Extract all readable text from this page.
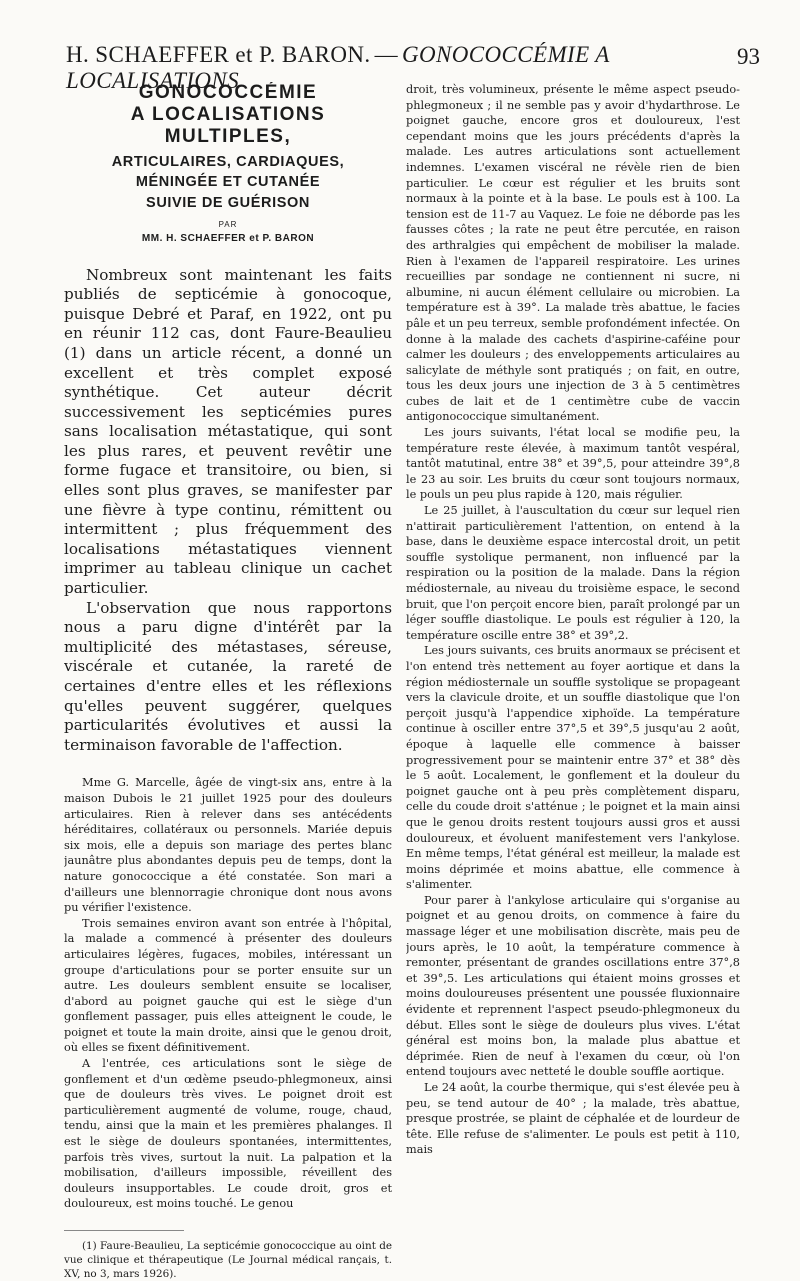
H. SCHAEFFER et P. BARON. — GONOCOCCÉMIE A LOCALISATIONS
93

GONOCOCCÉMIE

A LOCALISATIONS

MULTIPLES,

ARTICULAIRES, CARDIAQUES,

MÉNINGÉE ET CUTANÉE

SUIVIE DE GUÉRISON

PAR

MM. H. SCHAEFFER et P. BARON

Nombreux sont maintenant les faits publiés de septicémie à gonocoque, puisque Debré et Paraf, en 1922, ont pu en réunir 112 cas, dont Faure-Beaulieu (1) dans un article récent, a donné un excellent et très complet exposé synthétique. Cet auteur décrit successivement les septicémies pures sans localisation métastatique, qui sont les plus rares, et peuvent revêtir une forme fugace et transitoire, ou bien, si elles sont plus graves, se manifester par une fièvre à type continu, rémittent ou intermittent ; plus fréquemment des localisations métastatiques viennent imprimer au tableau clinique un cachet particulier.

L'observation que nous rapportons nous a paru digne d'intérêt par la multiplicité des métastases, séreuse, viscérale et cutanée, la rareté de certaines d'entre elles et les réflexions qu'elles peuvent suggérer, quelques particularités évolutives et aussi la terminaison favorable de l'affection.

Mme G. Marcelle, âgée de vingt-six ans, entre à la maison Dubois le 21 juillet 1925 pour des douleurs articulaires. Rien à relever dans ses antécédents héréditaires, collatéraux ou personnels. Mariée depuis six mois, elle a depuis son mariage des pertes blanc jaunâtre plus abondantes depuis peu de temps, dont la nature gonococcique a été constatée. Son mari a d'ailleurs une blennorragie chronique dont nous avons pu vérifier l'existence.

Trois semaines environ avant son entrée à l'hôpital, la malade a commencé à présenter des douleurs articulaires légères, fugaces, mobiles, intéressant un groupe d'articulations pour se porter ensuite sur un autre. Les douleurs semblent ensuite se localiser, d'abord au poignet gauche qui est le siège d'un gonflement passager, puis elles atteignent le coude, le poignet et toute la main droite, ainsi que le genou droit, où elles se fixent définitivement.

A l'entrée, ces articulations sont le siège de gonflement et d'un œdème pseudo-phlegmoneux, ainsi que de douleurs très vives. Le poignet droit est particulièrement augmenté de volume, rouge, chaud, tendu, ainsi que la main et les premières phalanges. Il est le siège de douleurs spontanées, intermittentes, parfois très vives, surtout la nuit. La palpation et la mobilisation, d'ailleurs impossible, réveillent des douleurs insupportables. Le coude droit, gros et douloureux, est moins touché. Le genou

(1) Faure-Beaulieu, La septicémie gonococcique au oint de vue clinique et thérapeutique (Le Journal médical rançais, t. XV, no 3, mars 1926).

droit, très volumineux, présente le même aspect pseudo-phlegmoneux ; il ne semble pas y avoir d'hydarthrose. Le poignet gauche, encore gros et douloureux, l'est cependant moins que les jours précédents d'après la malade. Les autres articulations sont actuellement indemnes. L'examen viscéral ne révèle rien de bien particulier. Le cœur est régulier et les bruits sont normaux à la pointe et à la base. Le pouls est à 100. La tension est de 11-7 au Vaquez. Le foie ne déborde pas les fausses côtes ; la rate ne peut être percutée, en raison des arthralgies qui empêchent de mobiliser la malade. Rien à l'examen de l'appareil respiratoire. Les urines recueillies par sondage ne contiennent ni sucre, ni albumine, ni aucun élément cellulaire ou microbien. La température est à 39°. La malade très abattue, le facies pâle et un peu terreux, semble profondément infectée. On donne à la malade des cachets d'aspirine-caféine pour calmer les douleurs ; des enveloppements articulaires au salicylate de méthyle sont pratiqués ; on fait, en outre, tous les deux jours une injection de 3 à 5 centimètres cubes de lait et de 1 centimètre cube de vaccin antigonococcique simultanément.

Les jours suivants, l'état local se modifie peu, la température reste élevée, à maximum tantôt vespéral, tantôt matutinal, entre 38° et 39°,5, pour atteindre 39°,8 le 23 au soir. Les bruits du cœur sont toujours normaux, le pouls un peu plus rapide à 120, mais régulier.

Le 25 juillet, à l'auscultation du cœur sur lequel rien n'attirait particulièrement l'attention, on entend à la base, dans le deuxième espace intercostal droit, un petit souffle systolique permanent, non influencé par la respiration ou la position de la malade. Dans la région médiosternale, au niveau du troisième espace, le second bruit, que l'on perçoit encore bien, paraît prolongé par un léger souffle diastolique. Le pouls est régulier à 120, la température oscille entre 38° et 39°,2.

Les jours suivants, ces bruits anormaux se précisent et l'on entend très nettement au foyer aortique et dans la région médiosternale un souffle systolique se propageant vers la clavicule droite, et un souffle diastolique que l'on perçoit jusqu'à l'appendice xiphoïde. La température continue à osciller entre 37°,5 et 39°,5 jusqu'au 2 août, époque à laquelle elle commence à baisser progressivement pour se maintenir entre 37° et 38° dès le 5 août. Localement, le gonflement et la douleur du poignet gauche ont à peu près complètement disparu, celle du coude droit s'atténue ; le poignet et la main ainsi que le genou droits restent toujours aussi gros et aussi douloureux, et évoluent manifestement vers l'ankylose. En même temps, l'état général est meilleur, la malade est moins déprimée et moins abattue, elle commence à s'alimenter.

Pour parer à l'ankylose articulaire qui s'organise au poignet et au genou droits, on commence à faire du massage léger et une mobilisation discrète, mais peu de jours après, le 10 août, la température commence à remonter, présentant de grandes oscillations entre 37°,8 et 39°,5. Les articulations qui étaient moins grosses et moins douloureuses présentent une poussée fluxionnaire évidente et reprennent l'aspect pseudo-phlegmoneux du début. Elles sont le siège de douleurs plus vives. L'état général est moins bon, la malade plus abattue et déprimée. Rien de neuf à l'examen du cœur, où l'on entend toujours avec netteté le double souffle aortique.

Le 24 août, la courbe thermique, qui s'est élevée peu à peu, se tend autour de 40° ; la malade, très abattue, presque prostrée, se plaint de céphalée et de lourdeur de tête. Elle refuse de s'alimenter. Le pouls est petit à 110, mais
